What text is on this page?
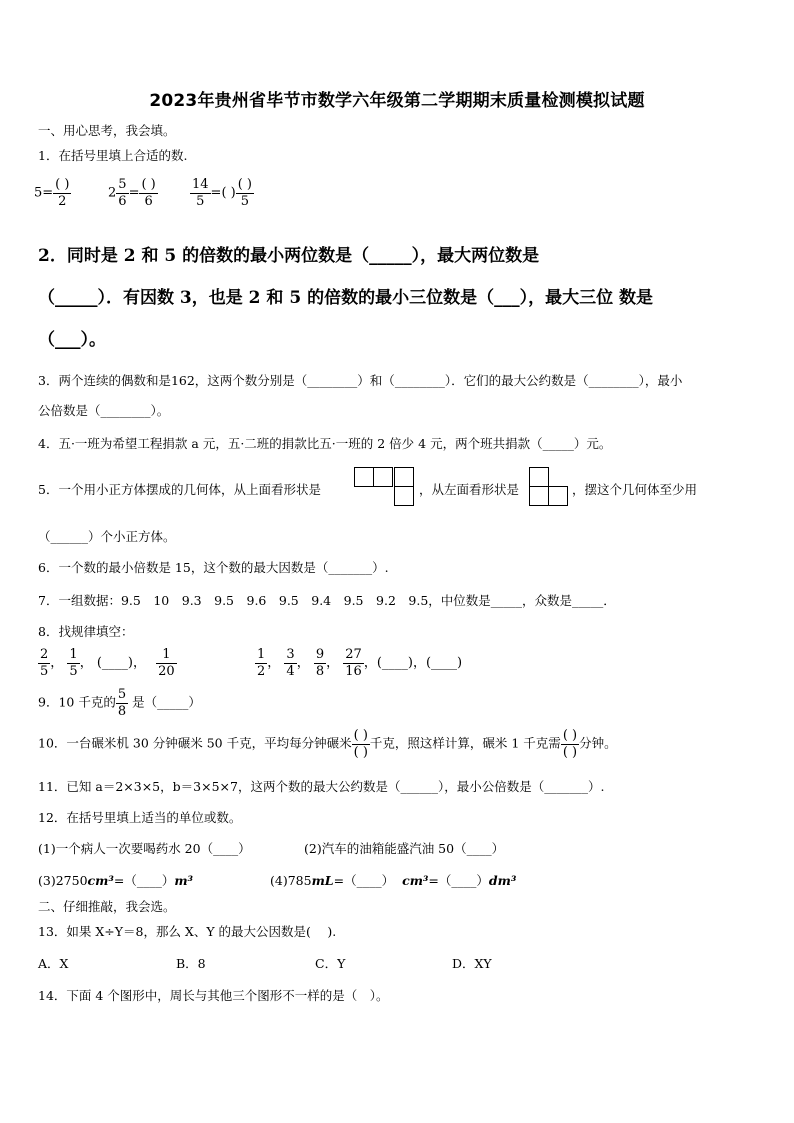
2023年贵州省毕节市数学六年级第二学期期末质量检测模拟试题
一、用心思考，我会填。
1．在括号里填上合适的数.
$5= \frac{( )}{2}$	$2 \frac{5}{6} = \frac{( )}{6} \frac{14}{5}$ =( ) $\frac{( )}{5}$
2．同时是 2 和 5 的倍数的最小两位数是（_____），最大两位数是
（_____）．有因数 3，也是 2 和 5 的倍数的最小三位数是（___），最大三位 数是
（___）。
3．两个连续的偶数和是162，这两个数分别是（________）和（________）．它们的最大公约数是（________），最小
公倍数是（________）。
4．五·一班为希望工程捐款 a 元，五·二班的捐款比五·一班的 2 倍少 4 元，两个班共捐款（_____）元。
5．一个用小正方体摆成的几何体，从上面看形状是	，从左面看形状是	，摆这个几何体至少用
（______）个小正方体。
6．一个数的最小倍数是 15，这个数的最大因数是（_______）.
7．一组数据：9.5　10　9.3　9.5　9.6　9.5　9.4　9.5　9.2　9.5，中位数是_____，众数是_____．
8．找规律填空：
$\frac{2}{5}$ ， $\frac{1}{5}$ ， (____)， $\frac{1}{20}$	$\frac{1}{2}$ ， $\frac{3}{4}$ ， $\frac{9}{8}$ ， $\frac{27}{16}$ ，(____)，(____)
9．10 千克的 $\frac{5}{8}$ 是（_____）
10．一台碾米机 30 分钟碾米 50 千克，平均每分钟碾米 $\frac{( )}{( )}$ 千克，照这样计算，碾米 1 千克需 $\frac{( )}{( )}$ 分钟。
11．已知 a＝2×3×5，b＝3×5×7，这两个数的最大公约数是（______），最小公倍数是（_______）.
12．在括号里填上适当的单位或数。
(1)一个病人一次要喝药水 20（____）	(2)汽车的油箱能盛汽油 50（____）
(3)2750cm³=（____）m³	(4)785mL=（____） cm³=（____）dm³
二、仔细推敲，我会选。
13．如果 X÷Y＝8，那么 X、Y 的最大公因数是(　 ).
A．X	B．8	C．Y	D．XY
14．下面 4 个图形中，周长与其他三个图形不一样的是（　）。
